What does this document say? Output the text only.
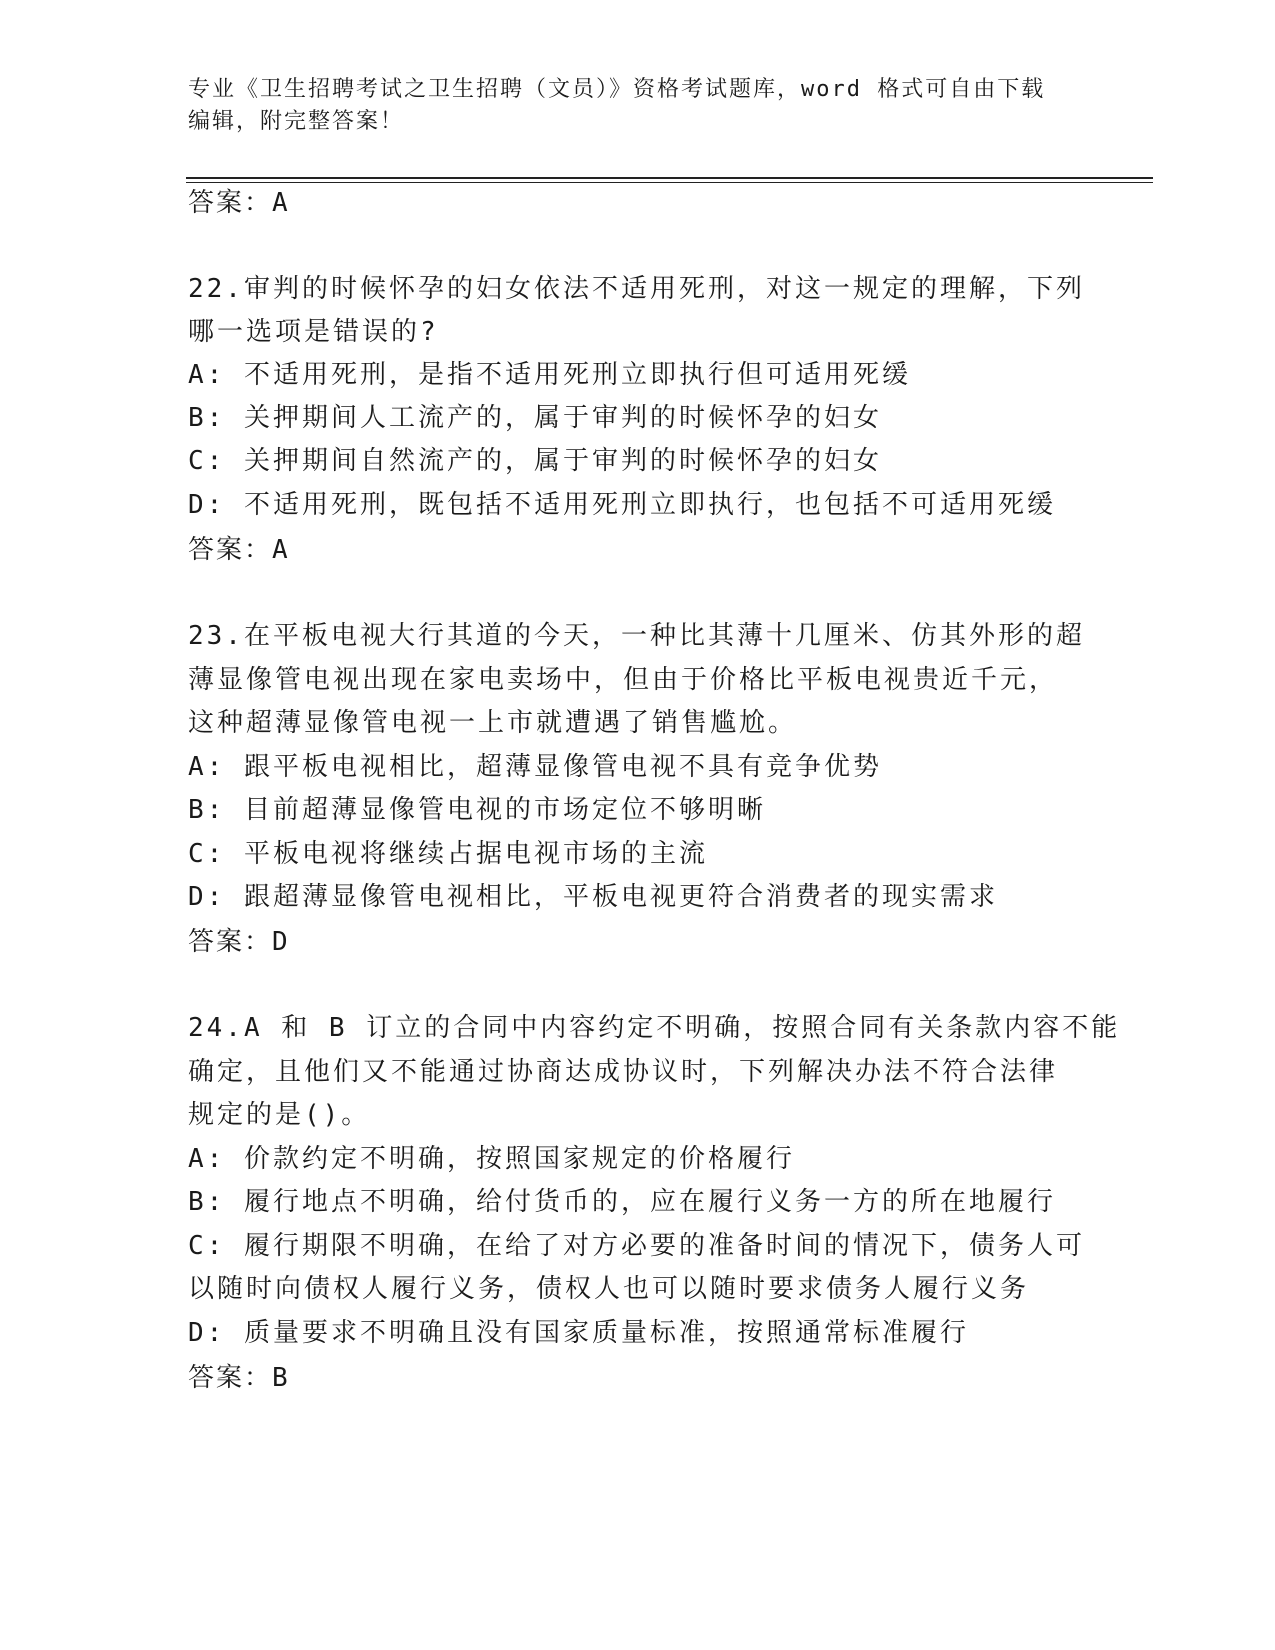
专业《卫生招聘考试之卫生招聘（文员）》资格考试题库，word 格式可自由下载
编辑，附完整答案！
答案：A
22.审判的时候怀孕的妇女依法不适用死刑，对这一规定的理解，下列
哪一选项是错误的?
A: 不适用死刑，是指不适用死刑立即执行但可适用死缓
B: 关押期间人工流产的，属于审判的时候怀孕的妇女
C: 关押期间自然流产的，属于审判的时候怀孕的妇女
D: 不适用死刑，既包括不适用死刑立即执行，也包括不可适用死缓
答案：A
23.在平板电视大行其道的今天，一种比其薄十几厘米、仿其外形的超
薄显像管电视出现在家电卖场中，但由于价格比平板电视贵近千元，
这种超薄显像管电视一上市就遭遇了销售尴尬。
A: 跟平板电视相比，超薄显像管电视不具有竞争优势
B: 目前超薄显像管电视的市场定位不够明晰
C: 平板电视将继续占据电视市场的主流
D: 跟超薄显像管电视相比，平板电视更符合消费者的现实需求
答案：D
24.A 和 B 订立的合同中内容约定不明确，按照合同有关条款内容不能
确定，且他们又不能通过协商达成协议时，下列解决办法不符合法律
规定的是()。
A: 价款约定不明确，按照国家规定的价格履行
B: 履行地点不明确，给付货币的，应在履行义务一方的所在地履行
C: 履行期限不明确，在给了对方必要的准备时间的情况下，债务人可
以随时向债权人履行义务，债权人也可以随时要求债务人履行义务
D: 质量要求不明确且没有国家质量标准，按照通常标准履行
答案：B
